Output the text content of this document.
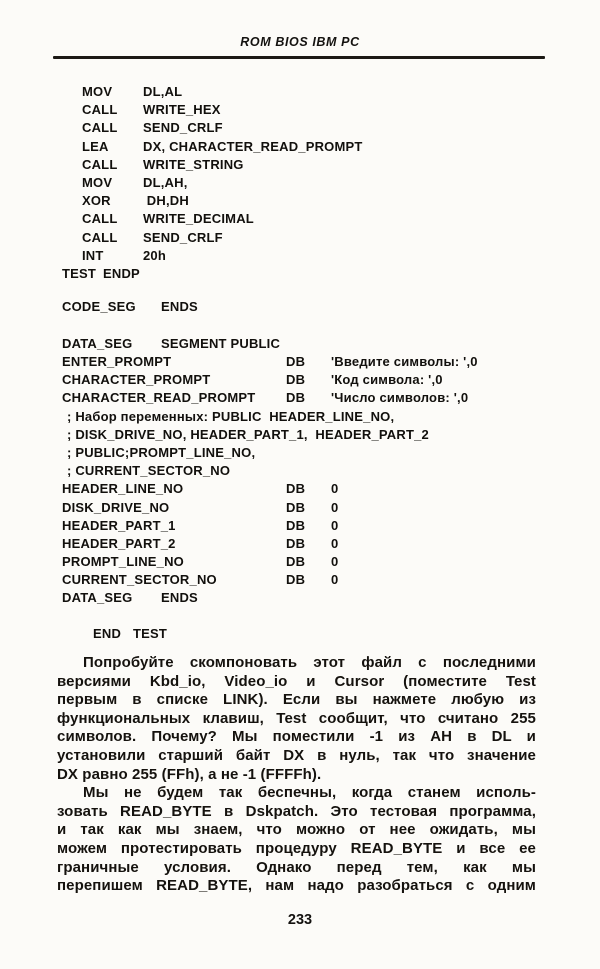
ROM BIOS IBM PC
MOV DL,AL
CALL WRITE_HEX
CALL SEND_CRLF
LEA	DX, CHARACTER_READ_PROMPT
CALL WRITE_STRING
MOV DL,AH,
XOR DH,DH
CALL WRITE_DECIMAL
CALL SEND_CRLF
INT	20h
TEST ENDP
CODE_SEG ENDS
DATA_SEG SEGMENT PUBLIC
ENTER_PROMPT	DB 'Введите символы: ',0
CHARACTER_PROMPT	DB 'Код символа: ',0
CHARACTER_READ_PROMPT DB 'Число символов: ',0
; Набор переменных: PUBLIC  HEADER_LINE_NO,
; DISK_DRIVE_NO, HEADER_PART_1,  HEADER_PART_2
; PUBLIC;PROMPT_LINE_NO,
; CURRENT_SECTOR_NO
HEADER_LINE_NO	DB 0
DISK_DRIVE_NO	DB 0
HEADER_PART_1	DB 0
HEADER_PART_2	DB 0
PROMPT_LINE_NO	DB 0
CURRENT_SECTOR_NO	DB 0
DATA_SEG ENDS
END TEST
Попробуйте скомпоновать этот файл с последними
версиями Kbd_io, Video_io и Cursor (поместите Test
первым в списке LINK). Если вы нажмете любую из
функциональных клавиш, Test сообщит, что считано 255
символов. Почему? Мы поместили -1 из AH в DL и
установили старший байт DX в нуль, так что значение
DX равно 255 (FFh), а не -1 (FFFFh).
Мы не будем так беспечны, когда станем исполь-
зовать READ_BYTE в Dskpatch. Это тестовая программа,
и так как мы знаем, что можно от нее ожидать, мы
можем протестировать процедуру READ_BYTE и все ее
граничные условия. Однако перед тем, как мы
перепишем READ_BYTE, нам надо разобраться с одним
233
